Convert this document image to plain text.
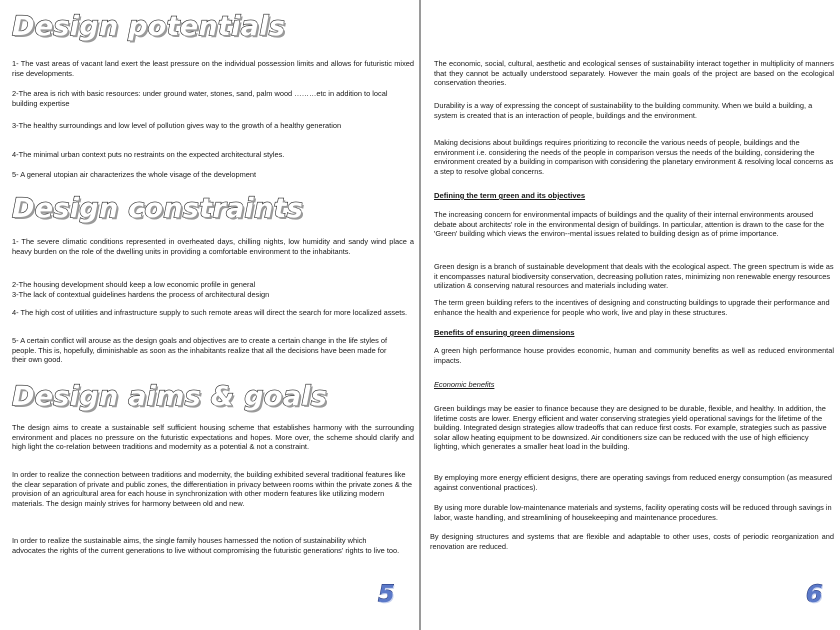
Design potentials

1- The vast areas of vacant land exert the least pressure on the individual possession limits and allows for futuristic mixed rise developments.

2-The area is rich with basic resources: under ground water, stones, sand, palm wood ………etc in addition to local building expertise

3-The healthy surroundings and low level of pollution gives way to the growth of a healthy generation

4-The minimal urban context puts no restraints on the expected architectural styles.

5- A general utopian air characterizes the whole visage of the development

Design constraints

1- The severe climatic conditions represented in overheated days, chilling nights, low humidity and sandy wind place a heavy burden on the role of the dwelling units in providing a comfortable environment to the inhabitants.

2-The housing development should keep a low economic profile in general

3-The lack of contextual guidelines hardens the process of architectural design

4- The high cost of utilities and infrastructure supply to such remote areas will direct the search for more localized assets.

5- A certain conflict will arouse as the design goals and objectives are to create a certain change in the life styles of people. This is, hopefully, diminishable as soon as the inhabitants realize that all the decisions have been made for their own good.

Design aims & goals

The design aims to create a sustainable self sufficient housing scheme that establishes harmony with the surrounding environment and places no pressure on the futuristic expectations and hopes. More over, the scheme should clarify and high light the co-relation between traditions and modernity as a potential & not a constraint.

In order to realize the connection between traditions and modernity, the building exhibited several traditional features like the clear separation of private and public zones, the differentiation in privacy between rooms within the private zones & the provision of an agricultural area for each house in synchronization with other modern features like utilizing modern materials. The design mainly strives for harmony between old and new.

In order to realize the sustainable aims, the single family houses harnessed the notion of sustainability which advocates the rights of the current generations to live without compromising the futuristic generations' rights to live too.

5

The economic, social, cultural, aesthetic and ecological senses of sustainability interact together in multiplicity of manners that they cannot be actually understood separately. However the main goals of the project are based on the ecological conservation theories.

Durability is a way of expressing the concept of sustainability to the building community. When we build a building, a system is created that is an interaction of people, buildings and the environment.

Making decisions about buildings requires prioritizing to reconcile the various needs of people, buildings and the environment i.e. considering the needs of the people in comparison versus the needs of the building, considering the environment created by a building in comparison with considering the planetary environment & resolving local concerns as a step to resolve global concerns.

Defining the term green and its objectives

The increasing concern for environmental impacts of buildings and the quality of their internal environments aroused debate about architects' role in the environmental design of buildings. In particular, attention is drawn to the case for the 'Green' building which views the environ--mental issues related to building design as of prime importance.

Green design is a branch of sustainable development that deals with the ecological aspect. The green spectrum is wide as it encompasses natural biodiversity conservation, decreasing pollution rates, minimizing non renewable energy resources utilization & conserving natural resources and materials including water.

The term green building refers to the incentives of designing and constructing buildings to upgrade their performance and enhance the health and experience for people who work, live and play in these structures.

Benefits of ensuring green dimensions

A green high performance house provides economic, human and community benefits as well as reduced environmental impacts.

Economic benefits

Green buildings may be easier to finance because they are designed to be durable, flexible, and healthy. In addition, the lifetime costs are lower. Energy efficient and water conserving strategies yield operational savings for the lifetime of the building. Integrated design strategies allow tradeoffs that can reduce first costs. For example, strategies such as passive solar allow heating equipment to be downsized. Air conditioners size can be reduced with the use of high efficiency lighting, which generates a smaller heat load in the building.

By employing more energy efficient designs, there are operating savings from reduced energy consumption (as measured against conventional practices).

By using more durable low-maintenance materials and systems, facility operating costs will be reduced through savings in labor, waste handling, and streamlining of housekeeping and maintenance procedures.

By designing structures and systems that are flexible and adaptable to other uses, costs of periodic reorganization and renovation are reduced.

6
